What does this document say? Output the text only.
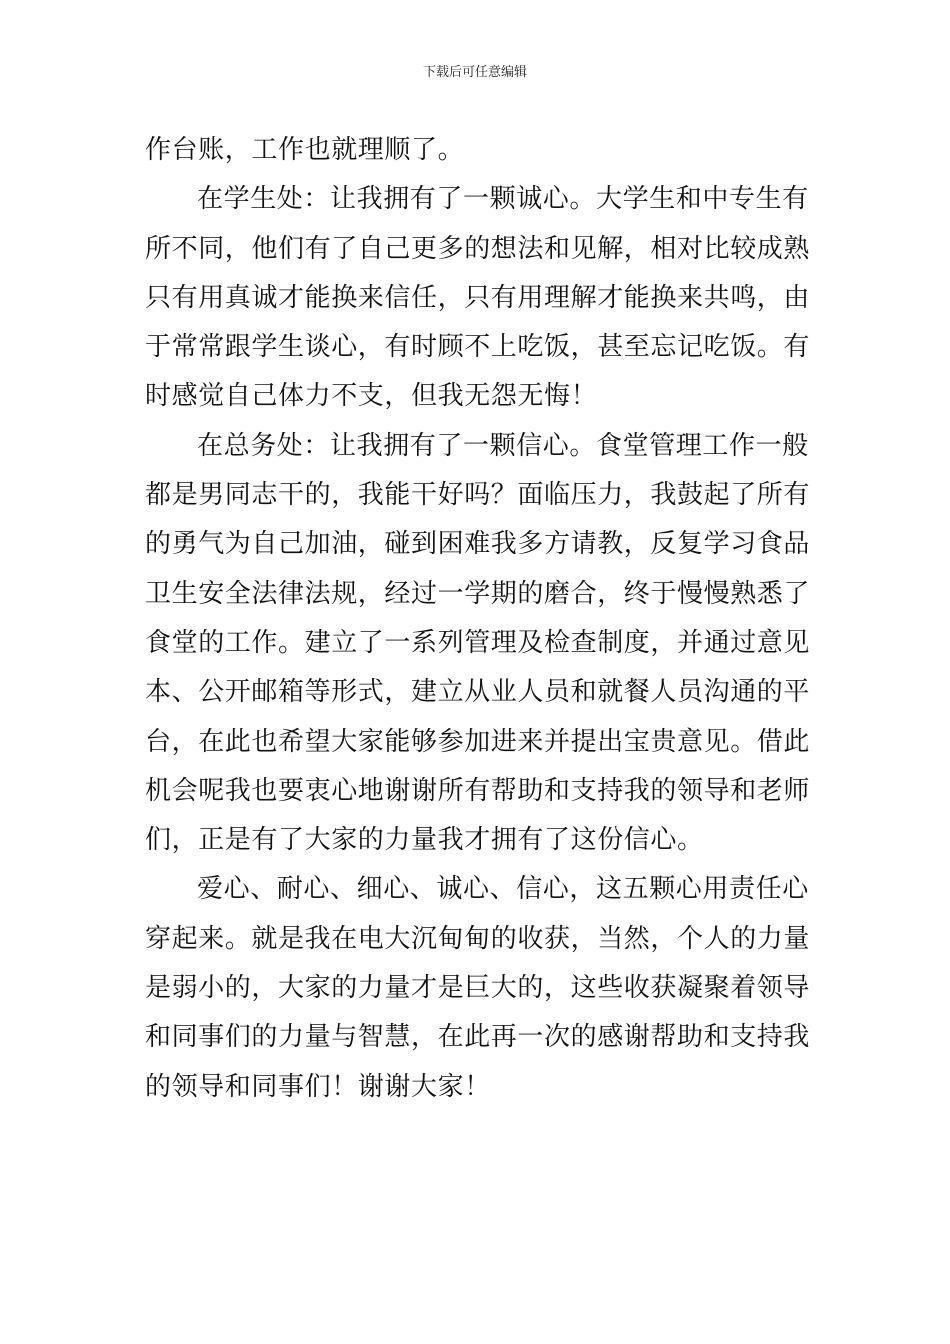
下载后可任意编辑

作台账，工作也就理顺了。

在学生处：让我拥有了一颗诚心。大学生和中专生有
所不同，他们有了自己更多的想法和见解，相对比较成熟
只有用真诚才能换来信任，只有用理解才能换来共鸣，由
于常常跟学生谈心，有时顾不上吃饭，甚至忘记吃饭。有
时感觉自己体力不支，但我无怨无悔！

在总务处：让我拥有了一颗信心。食堂管理工作一般
都是男同志干的，我能干好吗？面临压力，我鼓起了所有
的勇气为自己加油，碰到困难我多方请教，反复学习食品
卫生安全法律法规，经过一学期的磨合，终于慢慢熟悉了
食堂的工作。建立了一系列管理及检查制度，并通过意见
本、公开邮箱等形式，建立从业人员和就餐人员沟通的平
台，在此也希望大家能够参加进来并提出宝贵意见。借此
机会呢我也要衷心地谢谢所有帮助和支持我的领导和老师
们，正是有了大家的力量我才拥有了这份信心。

爱心、耐心、细心、诚心、信心，这五颗心用责任心
穿起来。就是我在电大沉甸甸的收获，当然，个人的力量
是弱小的，大家的力量才是巨大的，这些收获凝聚着领导
和同事们的力量与智慧，在此再一次的感谢帮助和支持我
的领导和同事们！谢谢大家！
